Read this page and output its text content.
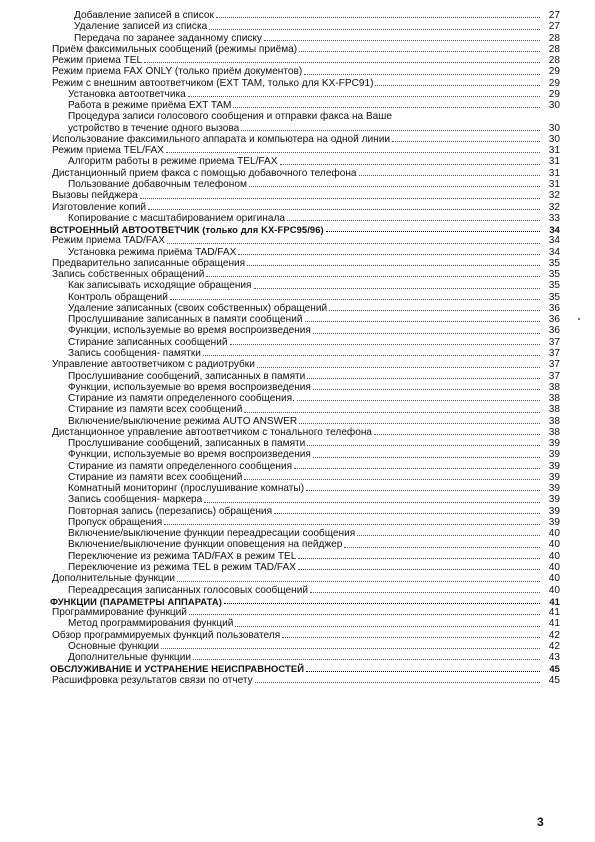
Добавление записей в список	27
Удаление записей из списка	27
Передача по заранее заданному списку	28
Приём факсимильных сообщений (режимы приёма)	28
Режим приема TEL	28
Режим приема FAX ONLY (только приём документов)	29
Режим с внешним автоответчиком (EXT TAM, только для KX-FPC91)	29
Установка автоответчика	29
Работа в режиме приёма EXT TAM	30
Процедура записи голосового сообщения и отправки факса на Ваше
устройство в течение одного вызова	30
Использование факсимильного аппарата и компьютера на одной линии	30
Режим приема TEL/FAX	31
Алгоритм работы в режиме приема TEL/FAX	31
Дистанционный прием факса с помощью добавочного телефона	31
Пользование добавочным телефоном	31
Вызовы пейджера	32
Изготовление копий	32
Копирование с масштабированием оригинала	33
ВСТРОЕННЫЙ АВТООТВЕТЧИК (только для KX-FPC95/96)	34
Режим приема TAD/FAX	34
Установка режима приёма TAD/FAX	34
Предварительно записанные обращения	35
Запись собственных обращений	35
Как записывать исходящие обращения	35
Контроль обращений	35
Удаление записанных (своих собственных) обращений	36
Прослушивание записанных в памяти сообщений	36
Функции, используемые во время воспроизведения	36
Стирание записанных сообщений	37
Запись сообщения- памятки	37
Управление автоответчиком с радиотрубки	37
Прослушивание сообщений, записанных в памяти	37
Функции, используемые во время воспроизведения	38
Стирание из памяти определенного сообщения.	38
Стирание из памяти всех сообщений	38
Включение/выключение режима AUTO ANSWER	38
Дистанционное управление автоответчиком с тонального телефона	38
Прослушивание сообщений, записанных в памяти	39
Функции, используемые во время воспроизведения	39
Стирание из памяти определенного сообщения	39
Стирание из памяти всех сообщений	39
Комнатный мониторинг (прослушивание комнаты)	39
Запись сообщения- маркера	39
Повторная запись (перезапись) обращения	39
Пропуск обращения	39
Включение/выключение функции переадресации сообщения	40
Включение/выключение функции оповещения на пейджер	40
Переключение из режима TAD/FAX в режим TEL	40
Переключение из режима TEL в режим TAD/FAX	40
Дополнительные функции	40
Переадресация записанных голосовых сообщений	40
ФУНКЦИИ (ПАРАМЕТРЫ АППАРАТА)	41
Программирование функций	41
Метод программирования функций	41
Обзор программируемых функций пользователя	42
Основные функции	42
Дополнительные функции	43
ОБСЛУЖИВАНИЕ И УСТРАНЕНИЕ НЕИСПРАВНОСТЕЙ	45
Расшифровка результатов связи по отчету	45
3
